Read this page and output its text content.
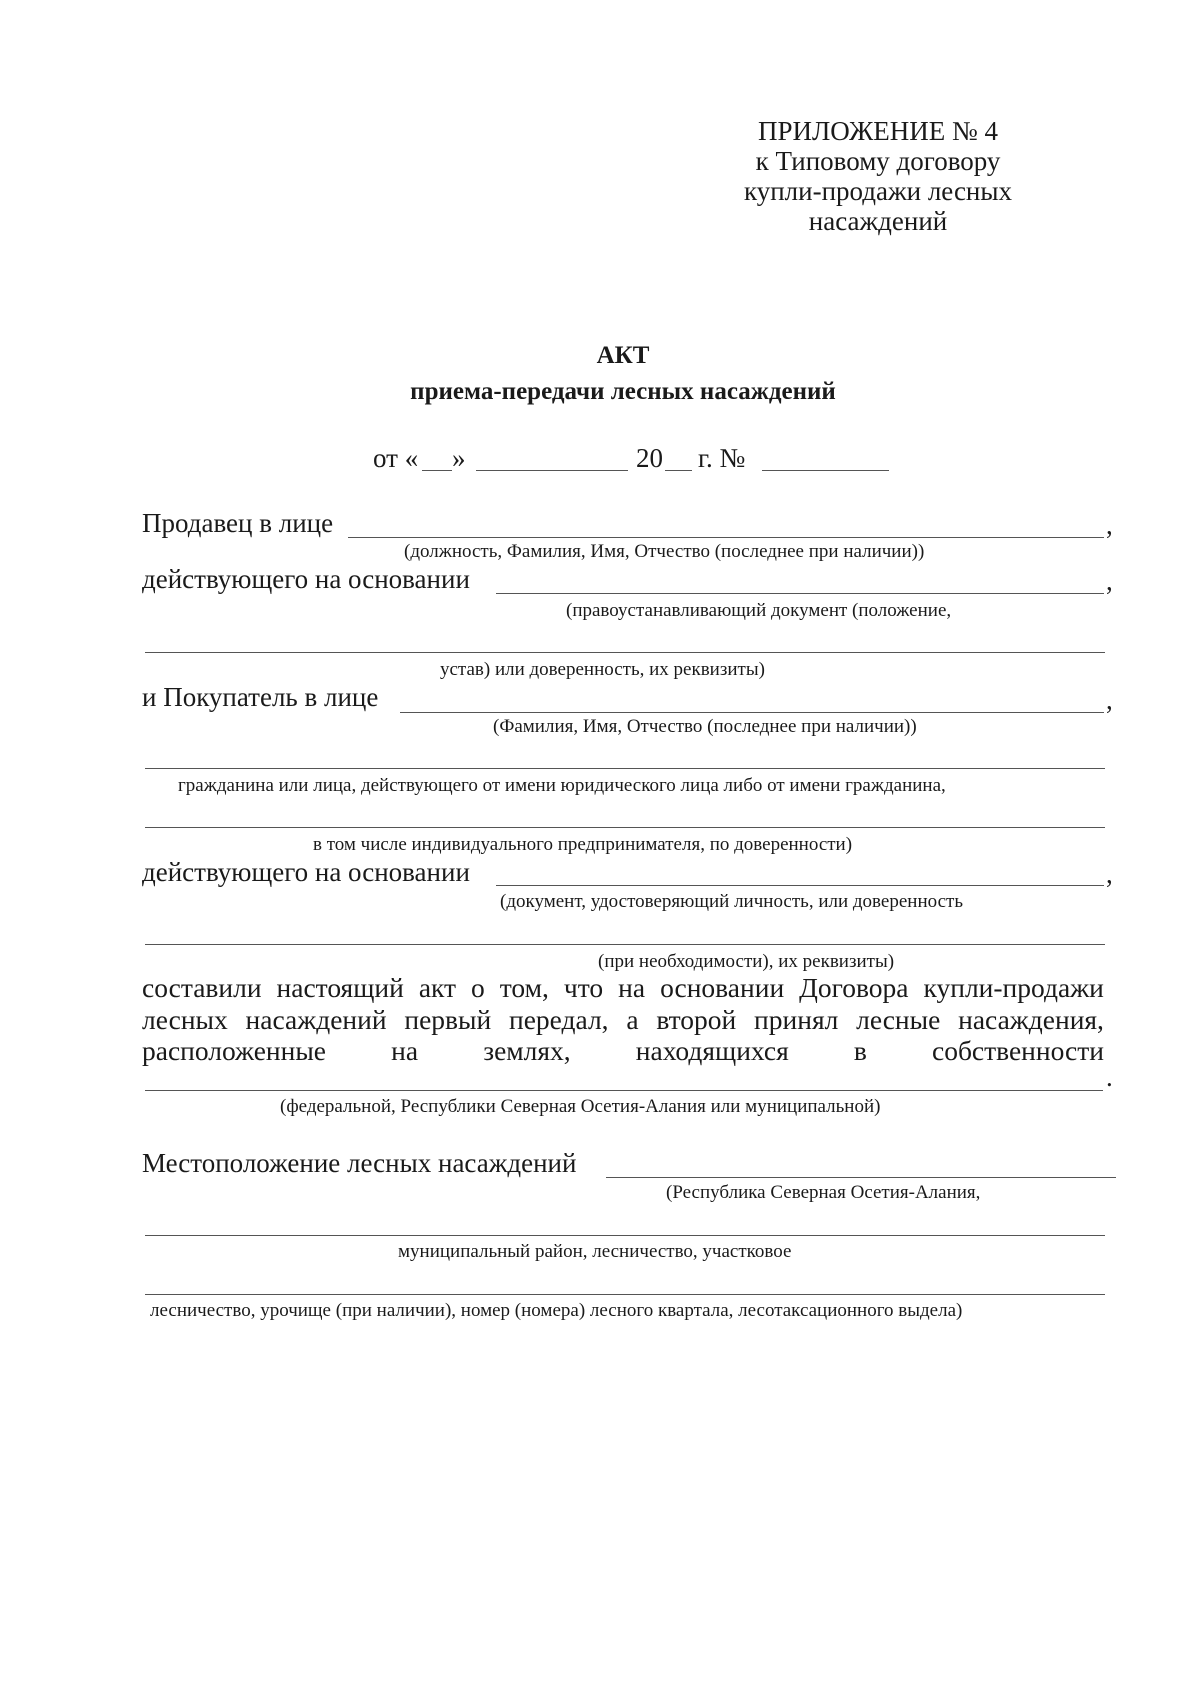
ПРИЛОЖЕНИЕ № 4
к Типовому договору
купли-продажи лесных
насаждений
АКТ
приема-передачи лесных насаждений
от « »	20 г. №
Продавец в лице	,
(должность, Фамилия, Имя, Отчество (последнее при наличии))
действующего на основании	,
(правоустанавливающий документ (положение,
устав) или доверенность, их реквизиты)
и Покупатель в лице	,
(Фамилия, Имя, Отчество (последнее при наличии))
гражданина или лица, действующего от имени юридического лица либо от имени гражданина,
в том числе индивидуального предпринимателя, по доверенности)
действующего на основании	,
(документ, удостоверяющий личность, или доверенность
(при необходимости), их реквизиты)
составили настоящий акт о том, что на основании Договора купли-продажи
лесных насаждений первый передал, а второй принял лесные насаждения,
расположенные на землях, находящихся в собственности
.
(федеральной, Республики Северная Осетия-Алания или муниципальной)
Местоположение лесных насаждений
(Республика Северная Осетия-Алания,
муниципальный район, лесничество, участковое
лесничество, урочище (при наличии), номер (номера) лесного квартала, лесотаксационного выдела)
